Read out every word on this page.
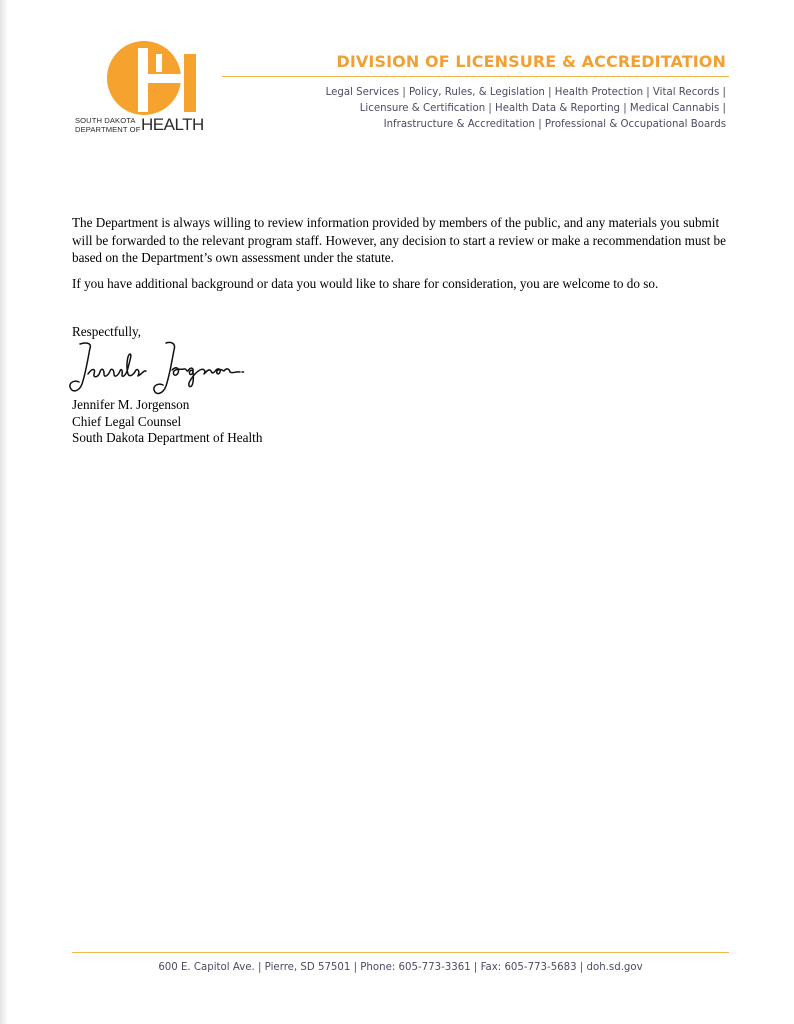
SOUTH DAKOTA
DEPARTMENT OF HEALTH
DIVISION OF LICENSURE & ACCREDITATION
Legal Services | Policy, Rules, & Legislation | Health Protection | Vital Records |
Licensure & Certification | Health Data & Reporting | Medical Cannabis |
Infrastructure & Accreditation | Professional & Occupational Boards

The Department is always willing to review information provided by members of the public, and any materials you submit will be forwarded to the relevant program staff. However, any decision to start a review or make a recommendation must be based on the Department’s own assessment under the statute.

If you have additional background or data you would like to share for consideration, you are welcome to do so.

Respectfully,
Jennifer M. Jorgenson
Chief Legal Counsel
South Dakota Department of Health
600 E. Capitol Ave. | Pierre, SD 57501 | Phone: 605-773-3361 | Fax: 605-773-5683 | doh.sd.gov
